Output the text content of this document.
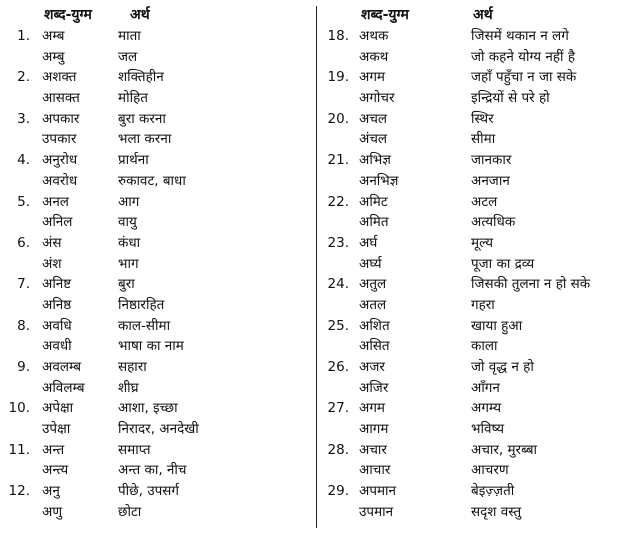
शब्द-युग्म	अर्थ
1. अम्ब	माता
अम्बु	जल
2. अशक्त	शक्तिहीन
आसक्त	मोहित
3. अपकार	बुरा करना
उपकार	भला करना
4. अनुरोध	प्रार्थना
अवरोध	रुकावट, बाधा
5. अनल	आग
अनिल	वायु
6. अंस	कंधा
अंश	भाग
7. अनिष्ट	बुरा
अनिष्ठ	निष्ठारहित
8. अवधि	काल-सीमा
अवधी	भाषा का नाम
9. अवलम्ब	सहारा
अविलम्ब शीघ्र
10. अपेक्षा	आशा, इच्छा
उपेक्षा	निरादर, अनदेखी
11. अन्त	समाप्त
अन्त्य	अन्त का, नीच
12. अनु	पीछे, उपसर्ग
अणु	छोटा
शब्द-युग्म	अर्थ
18. अथक	जिसमें थकान न लगे
अकथ	जो कहने योग्य नहीं है
19. अगम	जहाँ पहुँचा न जा सके
अगोचर	इन्द्रियों से परे हो
20. अचल	स्थिर
अंचल	सीमा
21. अभिज्ञ	जानकार
अनभिज्ञ	अनजान
22. अमिट	अटल
अमित	अत्यधिक
23. अर्घ	मूल्य
अर्घ्य	पूजा का द्रव्य
24. अतुल	जिसकी तुलना न हो सके
अतल	गहरा
25. अशित	खाया हुआ
असित	काला
26. अजर	जो वृद्ध न हो
अजिर	आँगन
27. अगम	अगम्य
आगम	भविष्य
28. अचार	अचार, मुरब्बा
आचार	आचरण
29. अपमान	बेइज़्ज़ती
उपमान	सदृश वस्तु
